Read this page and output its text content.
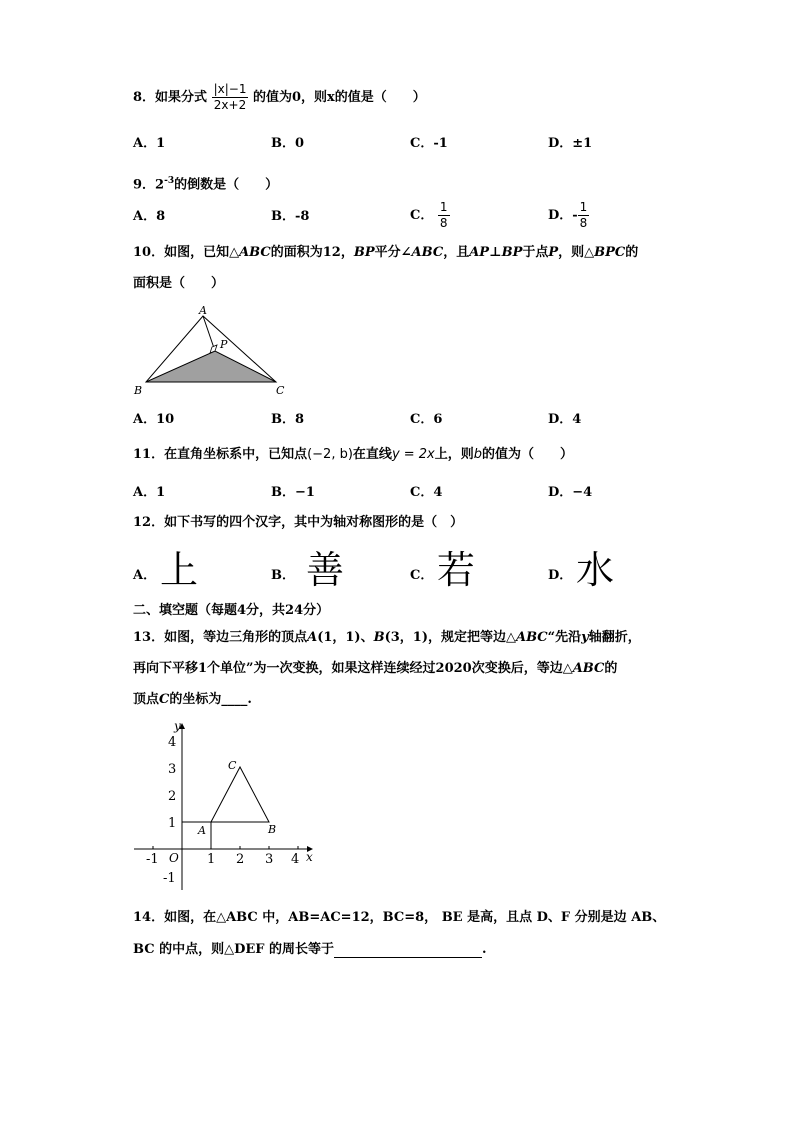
8．如果分式 $\frac{|x|-1}{2x+2}$ 的值为0，则x的值是（　　）
A．1	B．0	C．-1	D．±1
9．$2^{-3}$的倒数是（　　）
A．8	B．-8	C． $\frac{1}{8}$	D．- $\frac{1}{8}$
10．如图，已知△ABC的面积为12，BP平分∠ABC，且AP⊥BP于点P，则△BPC的
面积是（　　）
A
P
B	C
A．10	B．8	C．6	D．4
11．在直角坐标系中，已知点(−2, b)在直线y = 2x上，则b的值为（　　）
A．1	B．−1	C．4	D．−4
12．如下书写的四个汉字，其中为轴对称图形的是（　）
A． 上	B． 善	C． 若	D． 水
二、填空题（每题4分，共24分）
13．如图，等边三角形的顶点A(1，1)、B(3，1)，规定把等边△ABC“先沿y轴翻折，
再向下平移1个单位”为一次变换，如果这样连续经过2020次变换后，等边△ABC的
顶点C的坐标为____.
y
x
O
4
3
2
1
-1
-1	1 2 3 4
A	B
C
14．如图，在△ABC 中，AB=AC=12，BC=8， BE 是高，且点 D、F 分别是边 AB、
BC 的中点，则△DEF 的周长等于	.
